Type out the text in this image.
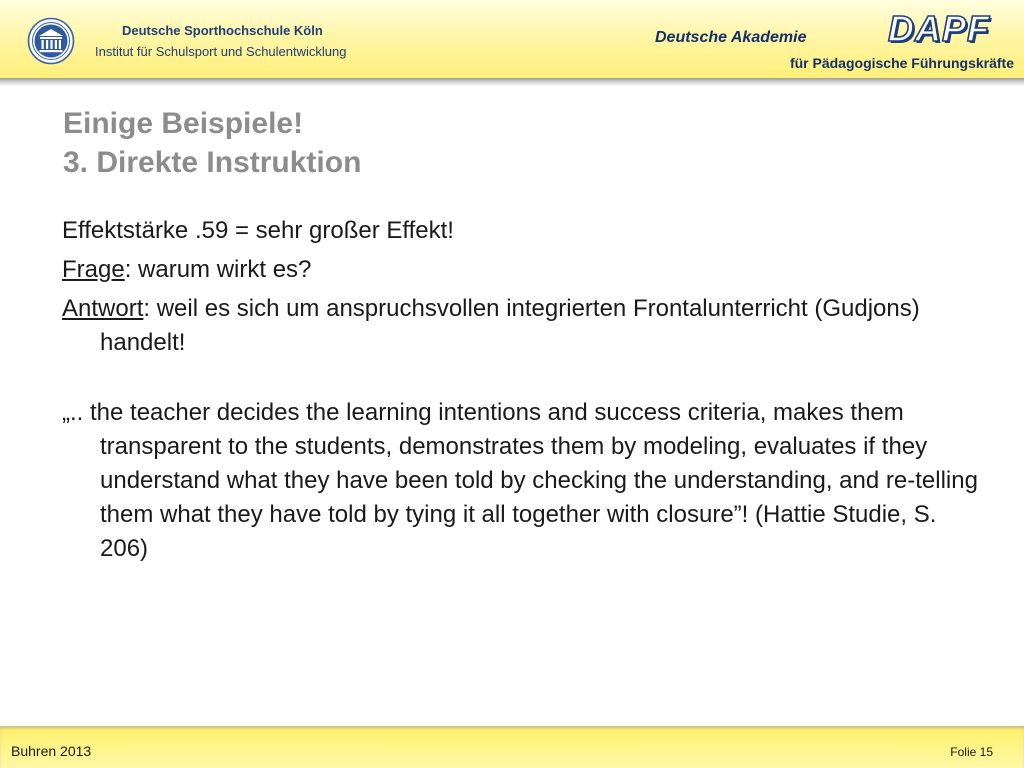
Deutsche Sporthochschule Köln
Institut für Schulsport und Schulentwicklung
Deutsche Akademie DAPF
für Pädagogische Führungskräfte
Einige Beispiele!
3. Direkte Instruktion

Effektstärke .59 = sehr großer Effekt!

Frage: warum wirkt es?

Antwort: weil es sich um anspruchsvollen integrierten Frontalunterricht (Gudjons) handelt!

„.. the teacher decides the learning intentions and success criteria, makes them transparent to the students, demonstrates them by modeling, evaluates if they understand what they have been told by checking the understanding, and re-telling them what they have told by tying it all together with closure”! (Hattie Studie, S. 206)

Buhren 2013	Folie 15
